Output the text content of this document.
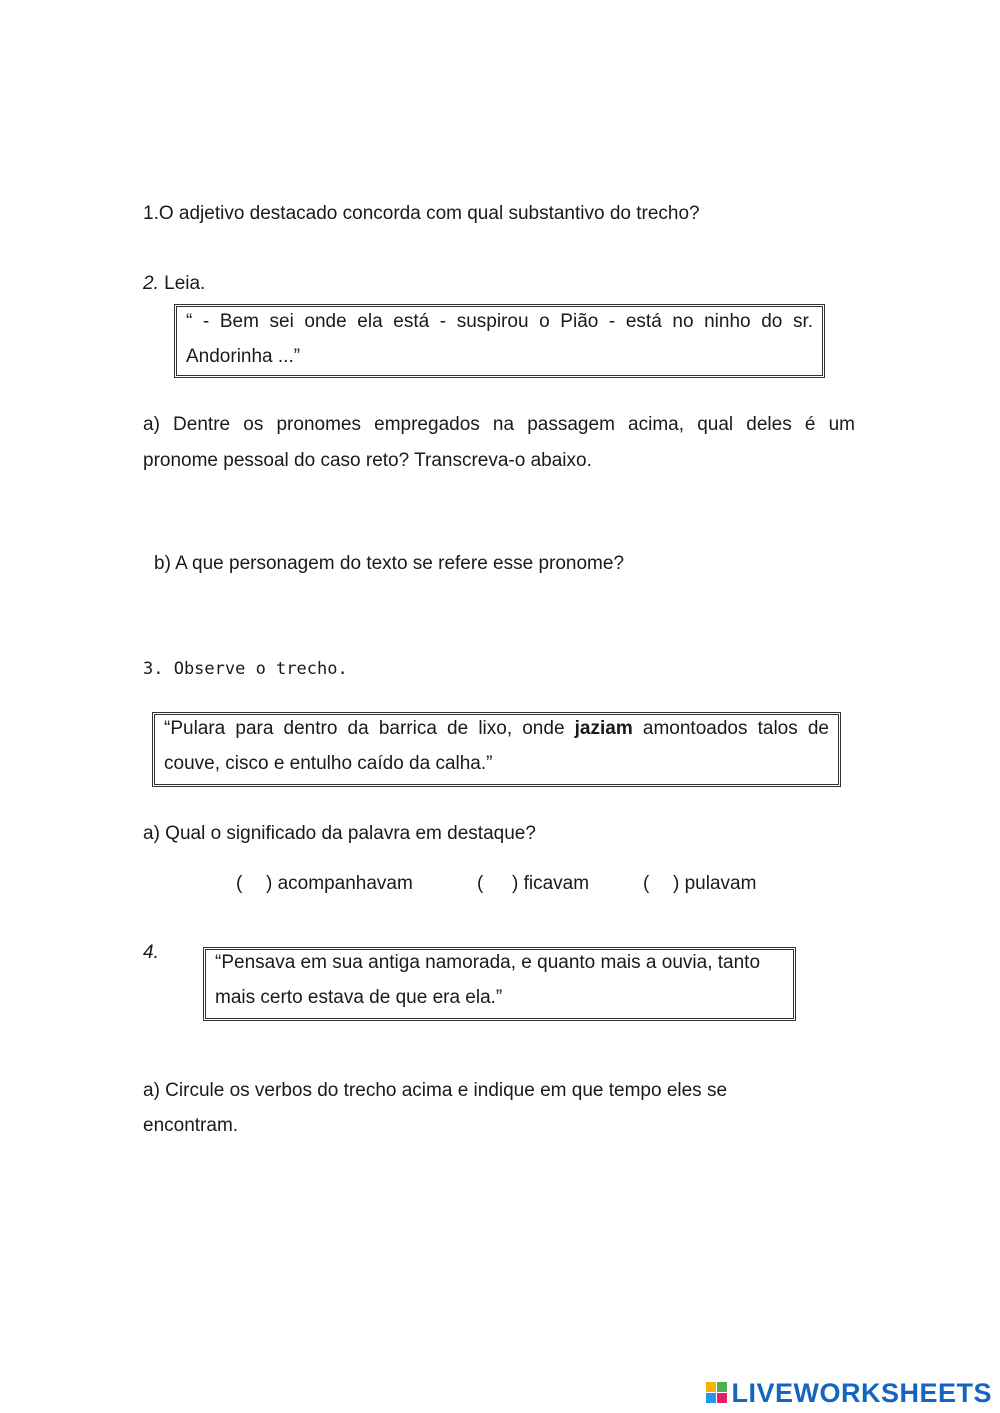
1.O adjetivo destacado concorda com qual substantivo do trecho?
2. Leia.
“ - Bem sei onde ela está - suspirou o Pião - está no ninho do sr.
Andorinha ...”
a) Dentre os pronomes empregados na passagem acima, qual deles é um
pronome pessoal do caso reto? Transcreva-o abaixo.
b) A que personagem do texto se refere esse pronome?
3. Observe o trecho.
“Pulara para dentro da barrica de lixo, onde jaziam amontoados talos de
couve, cisco e entulho caído da calha.”
a) Qual o significado da palavra em destaque?
( ) acompanhavam	( ) ficavam	( ) pulavam
4.	“Pensava em sua antiga namorada, e quanto mais a ouvia, tanto
mais certo estava de que era ela.”
a) Circule os verbos do trecho acima e indique em que tempo eles se
encontram.
LIVEWORKSHEETS
